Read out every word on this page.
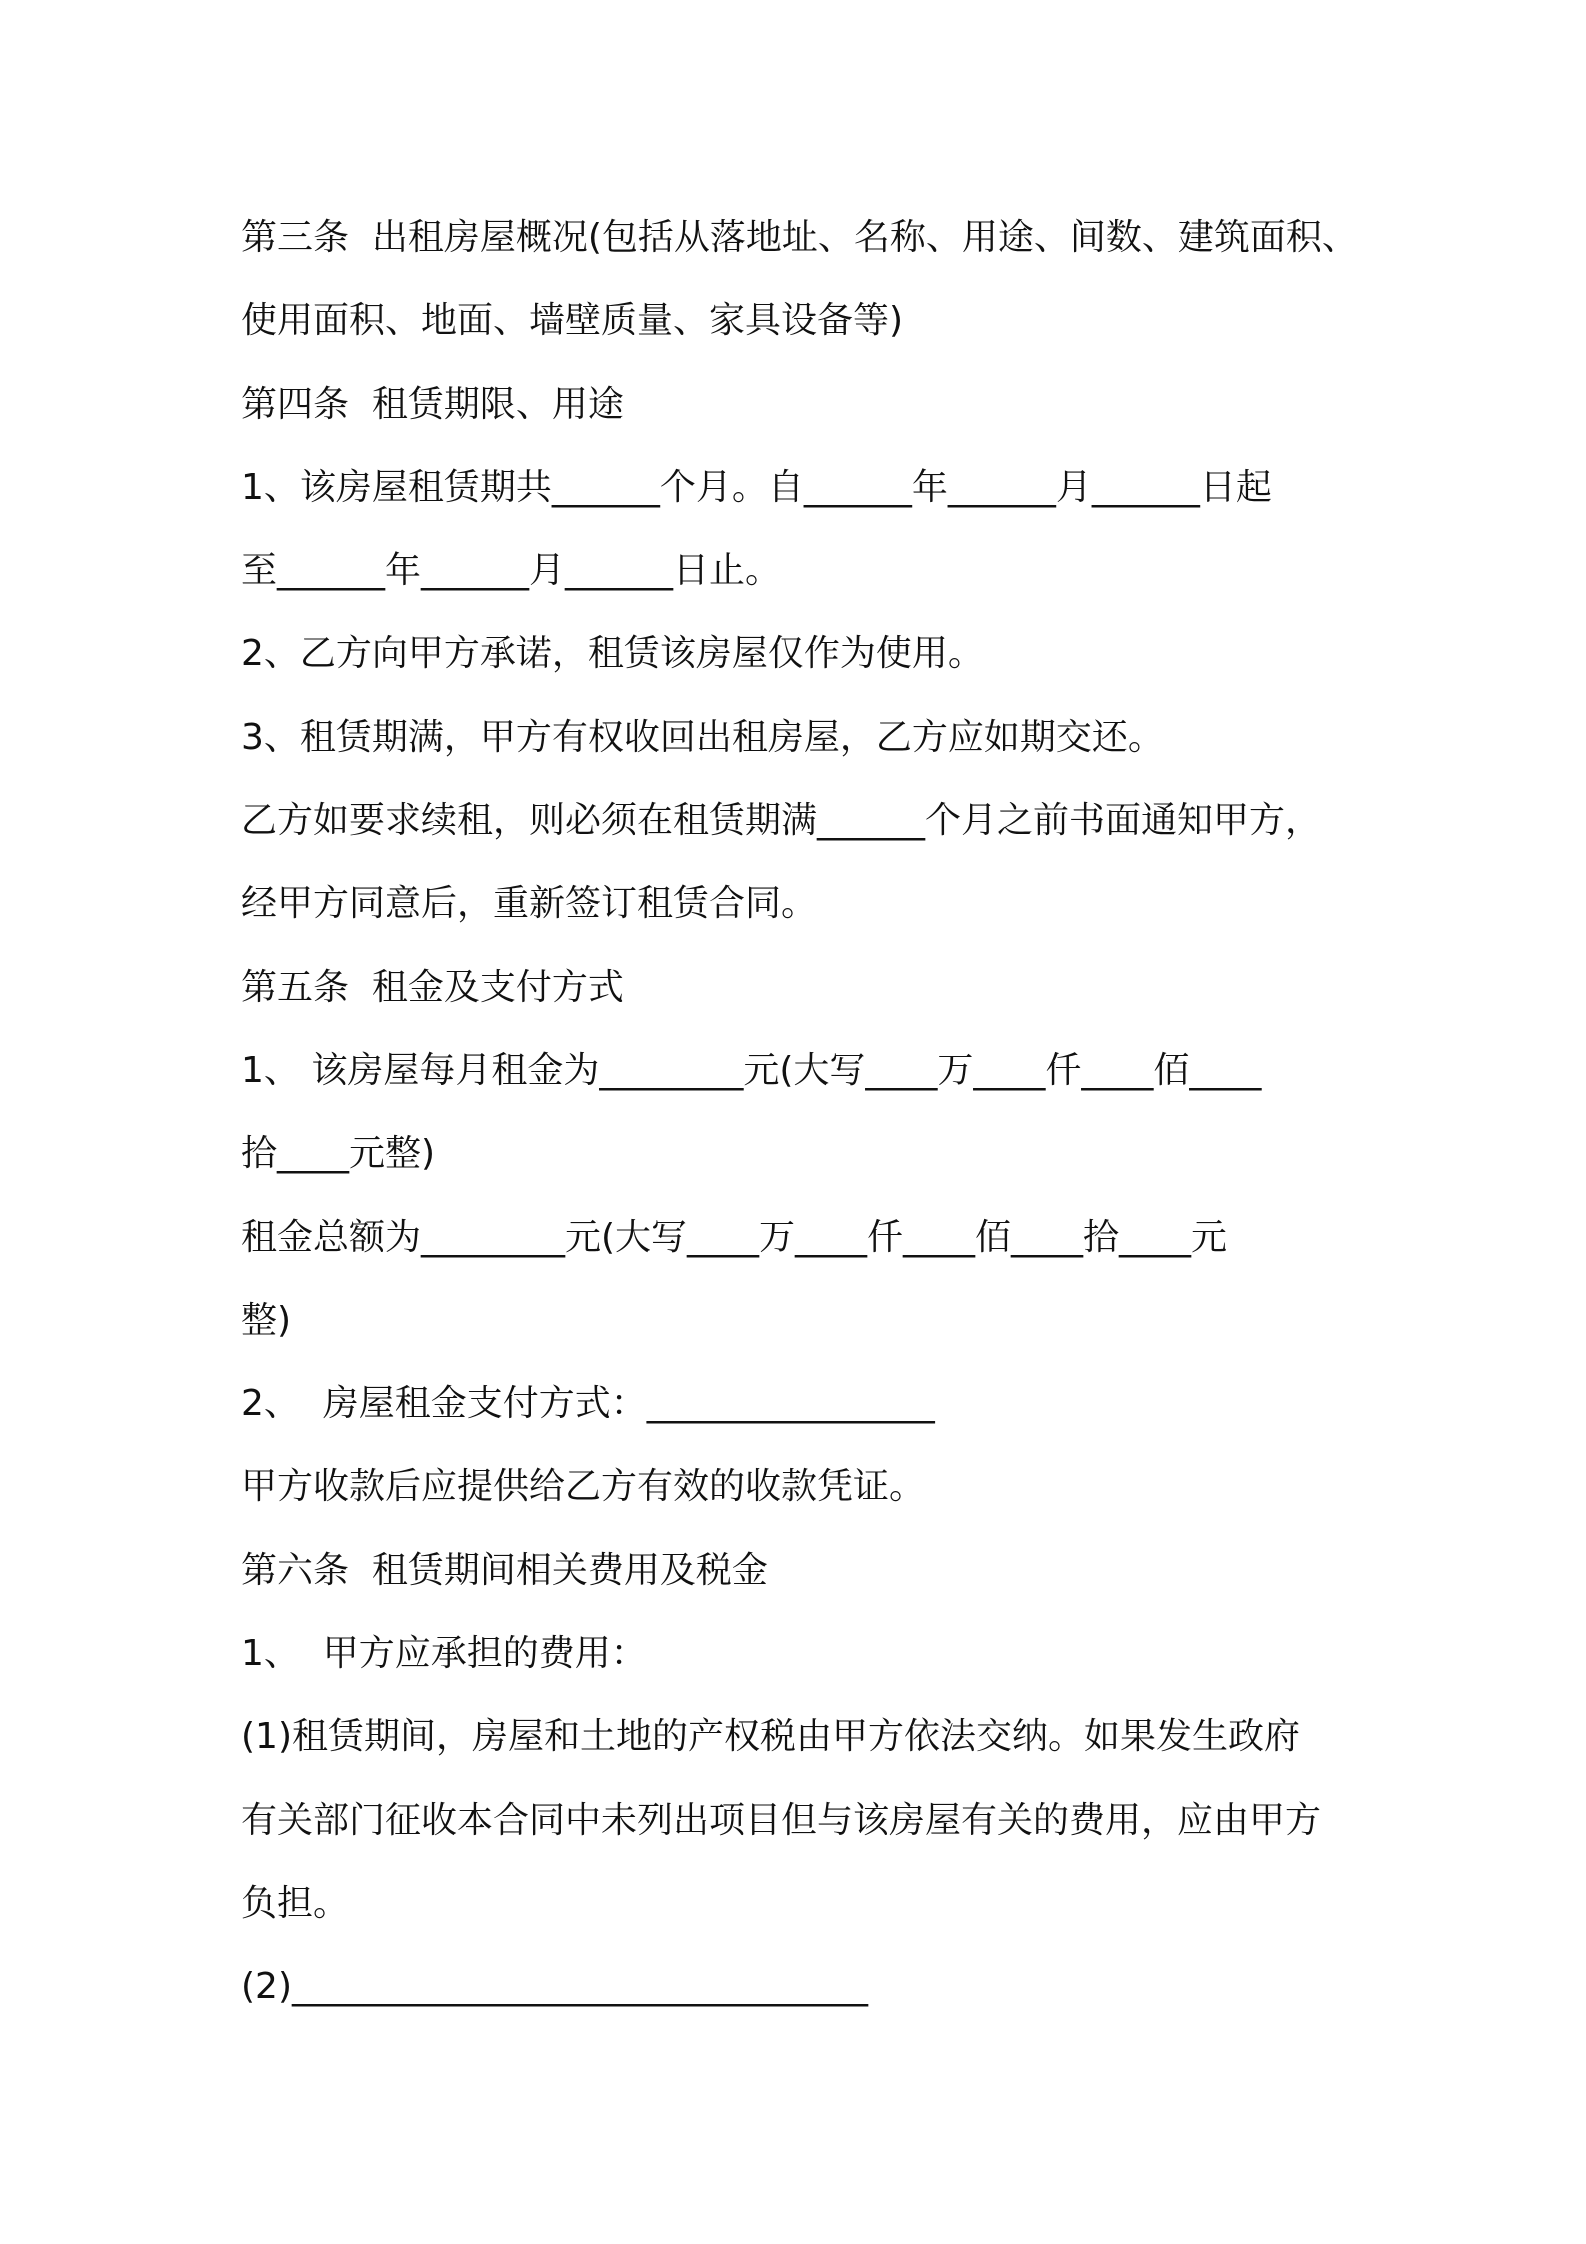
第三条  出租房屋概况(包括从落地址、名称、用途、间数、建筑面积、
使用面积、地面、墙壁质量、家具设备等)
第四条  租赁期限、用途
1、该房屋租赁期共______个月。自______年______月______日起
至______年______月______日止。
2、乙方向甲方承诺，租赁该房屋仅作为使用。
3、租赁期满，甲方有权收回出租房屋，乙方应如期交还。
乙方如要求续租，则必须在租赁期满______个月之前书面通知甲方，
经甲方同意后，重新签订租赁合同。
第五条  租金及支付方式
1、 该房屋每月租金为________元(大写____万____仟____佰____
拾____元整)
租金总额为________元(大写____万____仟____佰____拾____元
整)
2、  房屋租金支付方式：________________
甲方收款后应提供给乙方有效的收款凭证。
第六条  租赁期间相关费用及税金
1、  甲方应承担的费用：
(1)租赁期间，房屋和土地的产权税由甲方依法交纳。如果发生政府
有关部门征收本合同中未列出项目但与该房屋有关的费用，应由甲方
负担。
(2)________________________________
